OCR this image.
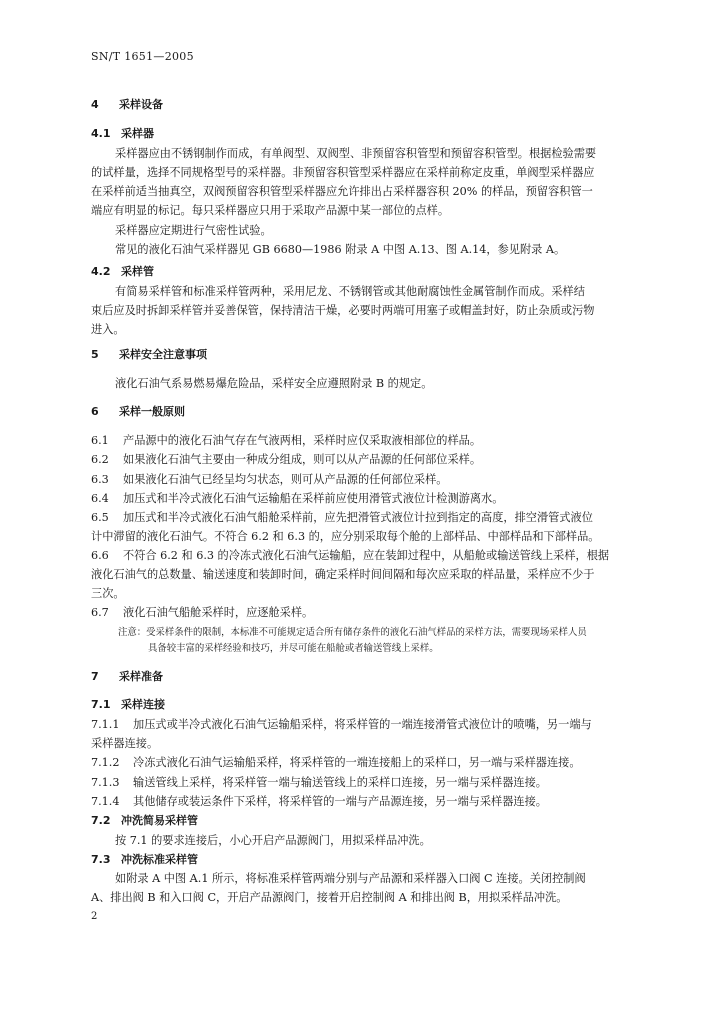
SN/T 1651—2005
4 采样设备
4.1 采样器
采样器应由不锈钢制作而成，有单阀型、双阀型、非预留容积管型和预留容积管型。根据检验需要
的试样量，选择不同规格型号的采样器。非预留容积管型采样器应在采样前称定皮重，单阀型采样器应
在采样前适当抽真空，双阀预留容积管型采样器应允许排出占采样器容积 20% 的样品，预留容积管一
端应有明显的标记。每只采样器应只用于采取产品源中某一部位的点样。
采样器应定期进行气密性试验。
常见的液化石油气采样器见 GB 6680—1986 附录 A 中图 A.13、图 A.14，参见附录 A。
4.2 采样管
有简易采样管和标准采样管两种，采用尼龙、不锈钢管或其他耐腐蚀性金属管制作而成。采样结
束后应及时拆卸采样管并妥善保管，保持清洁干燥，必要时两端可用塞子或帽盖封好，防止杂质或污物
进入。
5 采样安全注意事项
液化石油气系易燃易爆危险品，采样安全应遵照附录 B 的规定。
6 采样一般原则
6.1 产品源中的液化石油气存在气液两相，采样时应仅采取液相部位的样品。
6.2 如果液化石油气主要由一种成分组成，则可以从产品源的任何部位采样。
6.3 如果液化石油气已经呈均匀状态，则可从产品源的任何部位采样。
6.4 加压式和半冷式液化石油气运输船在采样前应使用滑管式液位计检测游离水。
6.5 加压式和半冷式液化石油气船舱采样前，应先把滑管式液位计拉到指定的高度，排空滑管式液位
计中滞留的液化石油气。不符合 6.2 和 6.3 的，应分别采取每个舱的上部样品、中部样品和下部样品。
6.6 不符合 6.2 和 6.3 的冷冻式液化石油气运输船，应在装卸过程中，从船舱或输送管线上采样，根据
液化石油气的总数量、输送速度和装卸时间，确定采样时间间隔和每次应采取的样品量，采样应不少于
三次。
6.7 液化石油气船舱采样时，应逐舱采样。
注意：受采样条件的限制，本标准不可能规定适合所有储存条件的液化石油气样品的采样方法，需要现场采样人员
具备较丰富的采样经验和技巧，并尽可能在船舱或者输送管线上采样。
7 采样准备
7.1 采样连接
7.1.1 加压式或半冷式液化石油气运输船采样，将采样管的一端连接滑管式液位计的喷嘴，另一端与
采样器连接。
7.1.2 冷冻式液化石油气运输船采样，将采样管的一端连接船上的采样口，另一端与采样器连接。
7.1.3 输送管线上采样，将采样管一端与输送管线上的采样口连接，另一端与采样器连接。
7.1.4 其他储存或装运条件下采样，将采样管的一端与产品源连接，另一端与采样器连接。
7.2 冲洗简易采样管
按 7.1 的要求连接后，小心开启产品源阀门，用拟采样品冲洗。
7.3 冲洗标准采样管
如附录 A 中图 A.1 所示，将标准采样管两端分别与产品源和采样器入口阀 C 连接。关闭控制阀
A、排出阀 B 和入口阀 C，开启产品源阀门，接着开启控制阀 A 和排出阀 B，用拟采样品冲洗。
2
